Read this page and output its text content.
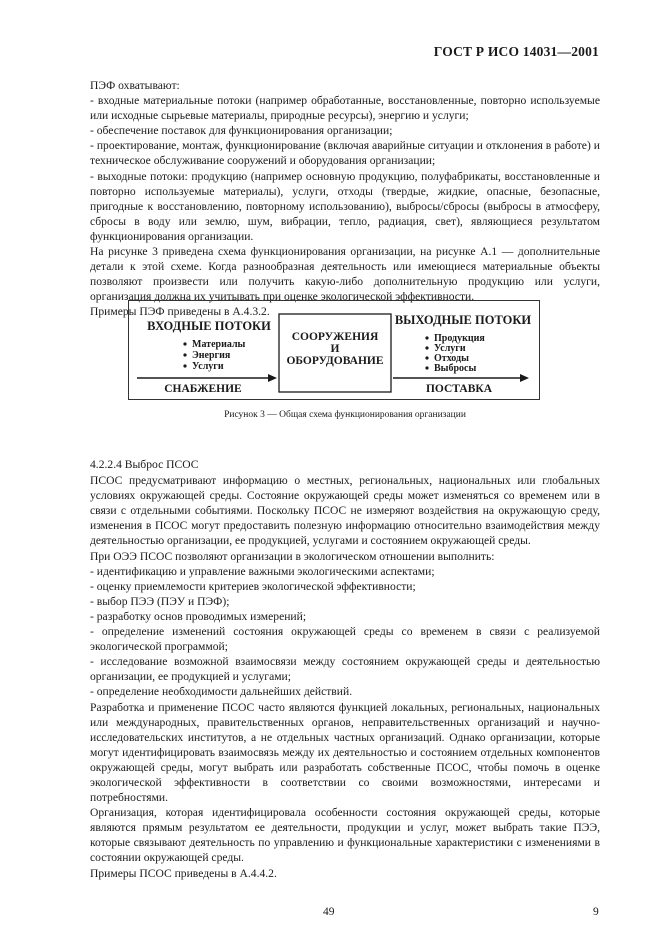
ГОСТ Р ИСО 14031—2001

ПЭФ охватывают:

- входные материальные потоки (например обработанные, восстановленные, повторно используемые или исходные сырьевые материалы, природные ресурсы), энергию и услуги;

- обеспечение поставок для функционирования организации;

- проектирование, монтаж, функционирование (включая аварийные ситуации и отклонения в работе) и техническое обслуживание сооружений и оборудования организации;

- выходные потоки: продукцию (например основную продукцию, полуфабрикаты, восстановленные и повторно используемые материалы), услуги, отходы (твердые, жидкие, опасные, безопасные, пригодные к восстановлению, повторному использованию), выбросы/сбросы (выбросы в атмосферу, сбросы в воду или землю, шум, вибрации, тепло, радиация, свет), являющиеся результатом функционирования организации.

На рисунке 3 приведена схема функционирования организации, на рисунке А.1 — дополнительные детали к этой схеме. Когда разнообразная деятельность или имеющиеся материальные объекты позволяют произвести или получить какую-либо дополнительную продукцию или услуги, организация должна их учитывать при оценке экологической эффективности.

Примеры ПЭФ приведены в А.4.3.2.

ВХОДНЫЕ ПОТОКИ
Материалы
Энергия
Услуги
СНАБЖЕНИЕ
СООРУЖЕНИЯ
И
ОБОРУДОВАНИЕ
ВЫХОДНЫЕ ПОТОКИ
Продукция
Услуги
Отходы
Выбросы
ПОСТАВКА
Рисунок 3 — Общая схема функционирования организации

4.2.2.4 Выброс ПСОС

ПСОС предусматривают информацию о местных, региональных, национальных или глобальных условиях окружающей среды. Состояние окружающей среды может изменяться со временем или в связи с отдельными событиями. Поскольку ПСОС не измеряют воздействия на окружающую среду, изменения в ПСОС могут предоставить полезную информацию относительно взаимодействия между деятельностью организации, ее продукцией, услугами и состоянием окружающей среды.

При ОЭЭ ПСОС позволяют организации в экологическом отношении выполнить:

- идентификацию и управление важными экологическими аспектами;

- оценку приемлемости критериев экологической эффективности;

- выбор ПЭЭ (ПЭУ и ПЭФ);

- разработку основ проводимых измерений;

- определение изменений состояния окружающей среды со временем в связи с реализуемой экологической программой;

- исследование возможной взаимосвязи между состоянием окружающей среды и деятельностью организации, ее продукцией и услугами;

- определение необходимости дальнейших действий.

Разработка и применение ПСОС часто являются функцией локальных, региональных, национальных или международных, правительственных органов, неправительственных организаций и научно-исследовательских институтов, а не отдельных частных организаций. Однако организации, которые могут идентифицировать взаимосвязь между их деятельностью и состоянием отдельных компонентов окружающей среды, могут выбрать или разработать собственные ПСОС, чтобы помочь в оценке экологической эффективности в соответствии со своими возможностями, интересами и потребностями.

Организация, которая идентифицировала особенности состояния окружающей среды, которые являются прямым результатом ее деятельности, продукции и услуг, может выбрать такие ПЭЭ, которые связывают деятельность по управлению и функциональные характеристики с изменениями в состоянии окружающей среды.

Примеры ПСОС приведены в А.4.4.2.

49	9
